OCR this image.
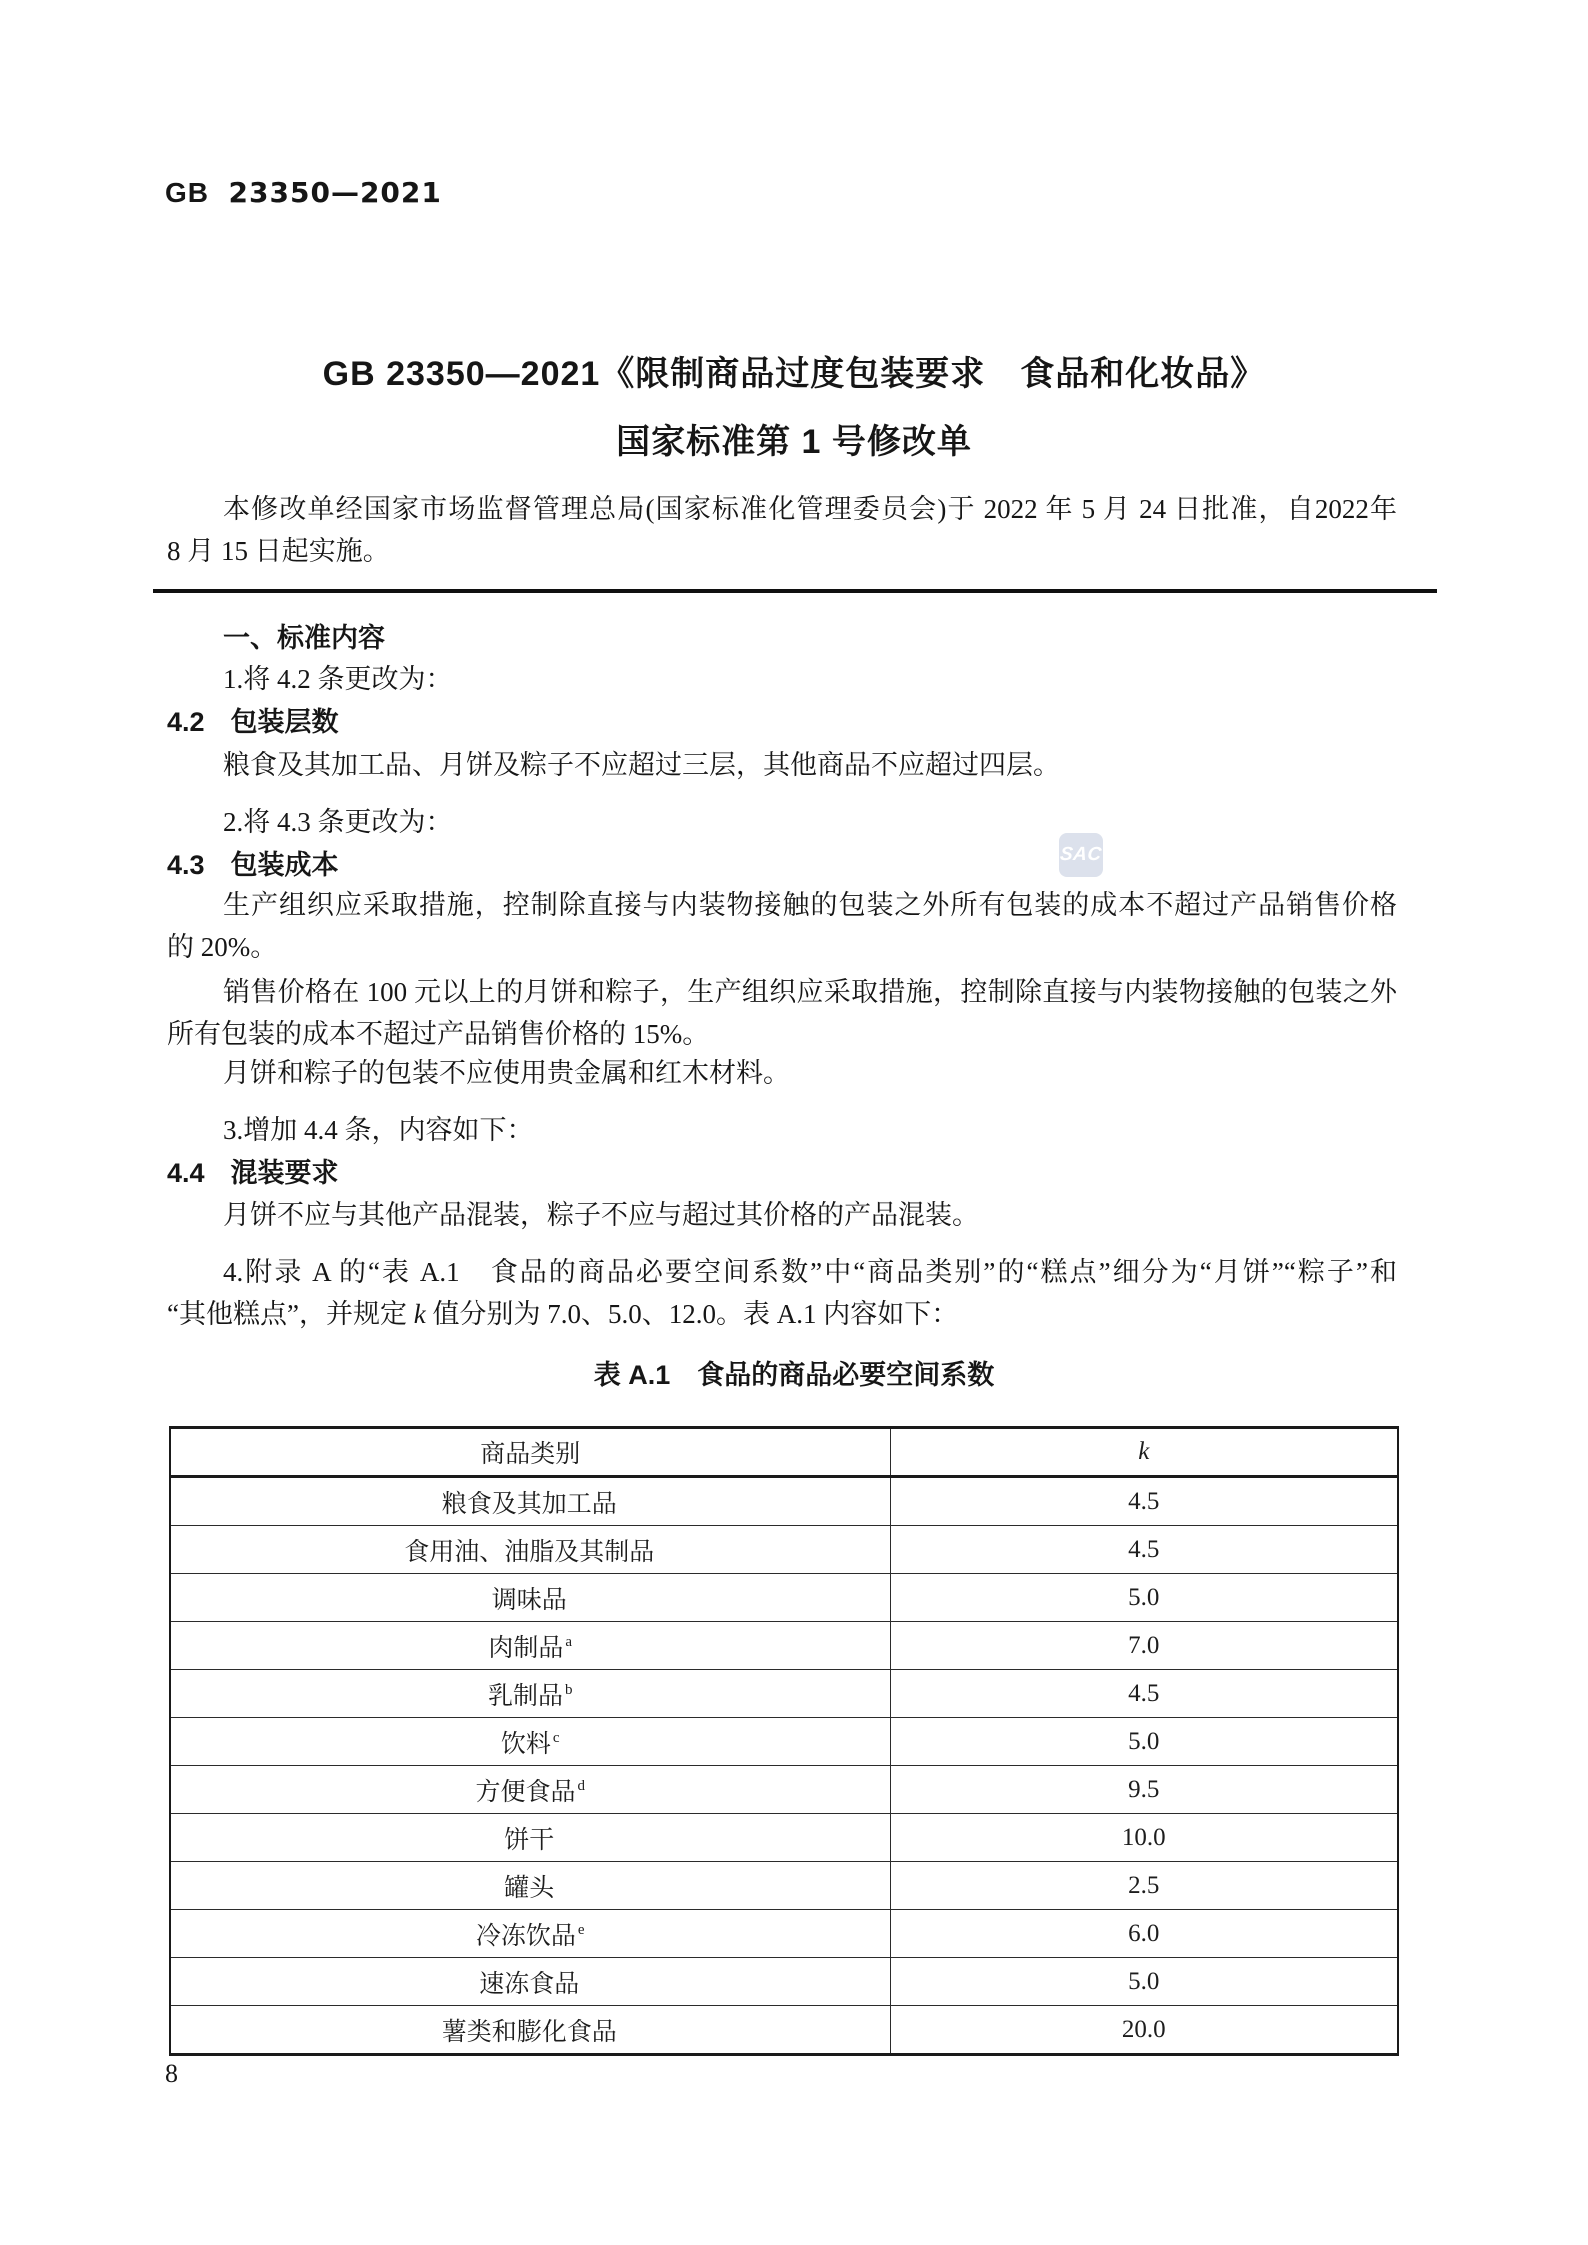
GB 23350—2021
SAC
GB 23350—2021《限制商品过度包装要求　食品和化妆品》
国家标准第 1 号修改单
本修改单经国家市场监督管理总局(国家标准化管理委员会)于 2022 年 5 月 24 日批准，自2022年
8 月 15 日起实施。
一、标准内容
1.将 4.2 条更改为：
4.2 包装层数
粮食及其加工品、月饼及粽子不应超过三层，其他商品不应超过四层。
2.将 4.3 条更改为：
4.3 包装成本
生产组织应采取措施，控制除直接与内装物接触的包装之外所有包装的成本不超过产品销售价格
的 20%。
销售价格在 100 元以上的月饼和粽子，生产组织应采取措施，控制除直接与内装物接触的包装之外
所有包装的成本不超过产品销售价格的 15%。
月饼和粽子的包装不应使用贵金属和红木材料。
3.增加 4.4 条，内容如下：
4.4 混装要求
月饼不应与其他产品混装，粽子不应与超过其价格的产品混装。
4.附录 A 的“表 A.1　食品的商品必要空间系数”中“商品类别”的“糕点”细分为“月饼”“粽子”和
“其他糕点”，并规定 k 值分别为 7.0、5.0、12.0。表 A.1 内容如下：
表 A.1　食品的商品必要空间系数
商品类别	k
粮食及其加工品	4.5
食用油、油脂及其制品	4.5
调味品	5.0
肉制品 $^a$	7.0
乳制品 $^b$	4.5
饮料 $^c$	5.0
方便食品 $^d$	9.5
饼干	10.0
罐头	2.5
冷冻饮品 $^e$	6.0
速冻食品	5.0
薯类和膨化食品	20.0
8
